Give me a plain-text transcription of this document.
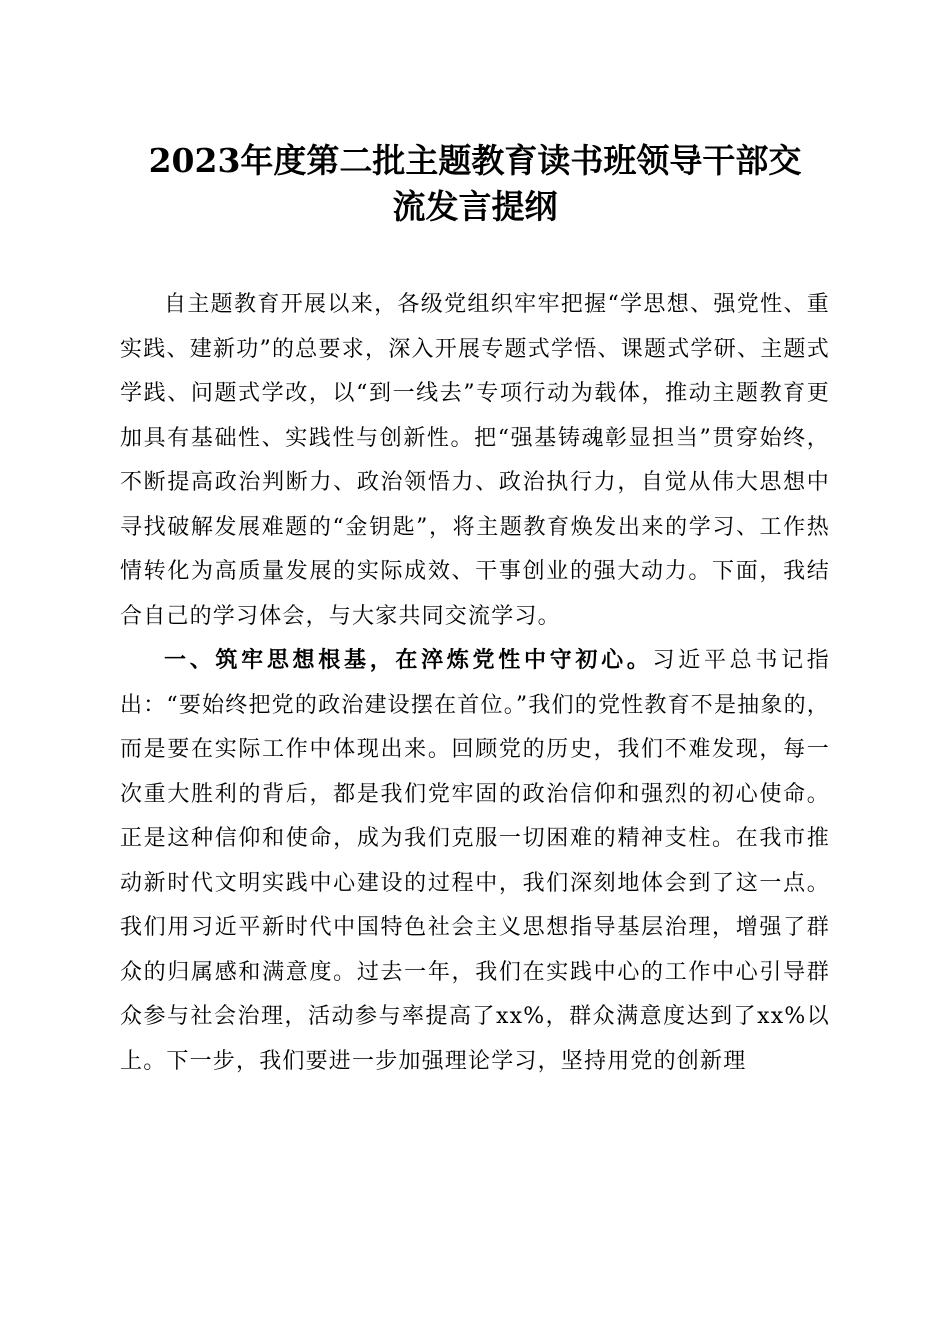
2023年度第二批主题教育读书班领导干部交
流发言提纲

自主题教育开展以来，各级党组织牢牢把握“学思想、强党性、重实践、建新功”的总要求，深入开展专题式学悟、课题式学研、主题式学践、问题式学改，以“到一线去”专项行动为载体，推动主题教育更加具有基础性、实践性与创新性。把“强基铸魂彰显担当”贯穿始终，不断提高政治判断力、政治领悟力、政治执行力，自觉从伟大思想中寻找破解发展难题的“金钥匙”，将主题教育焕发出来的学习、工作热情转化为高质量发展的实际成效、干事创业的强大动力。下面，我结合自己的学习体会，与大家共同交流学习。

一、筑牢思想根基，在淬炼党性中守初心。习近平总书记指出：“要始终把党的政治建设摆在首位。”我们的党性教育不是抽象的，而是要在实际工作中体现出来。回顾党的历史，我们不难发现，每一次重大胜利的背后，都是我们党牢固的政治信仰和强烈的初心使命。正是这种信仰和使命，成为我们克服一切困难的精神支柱。在我市推动新时代文明实践中心建设的过程中，我们深刻地体会到了这一点。我们用习近平新时代中国特色社会主义思想指导基层治理，增强了群众的归属感和满意度。过去一年，我们在实践中心的工作中心引导群众参与社会治理，活动参与率提高了xx%，群众满意度达到了xx%以上。下一步，我们要进一步加强理论学习，坚持用党的创新理
